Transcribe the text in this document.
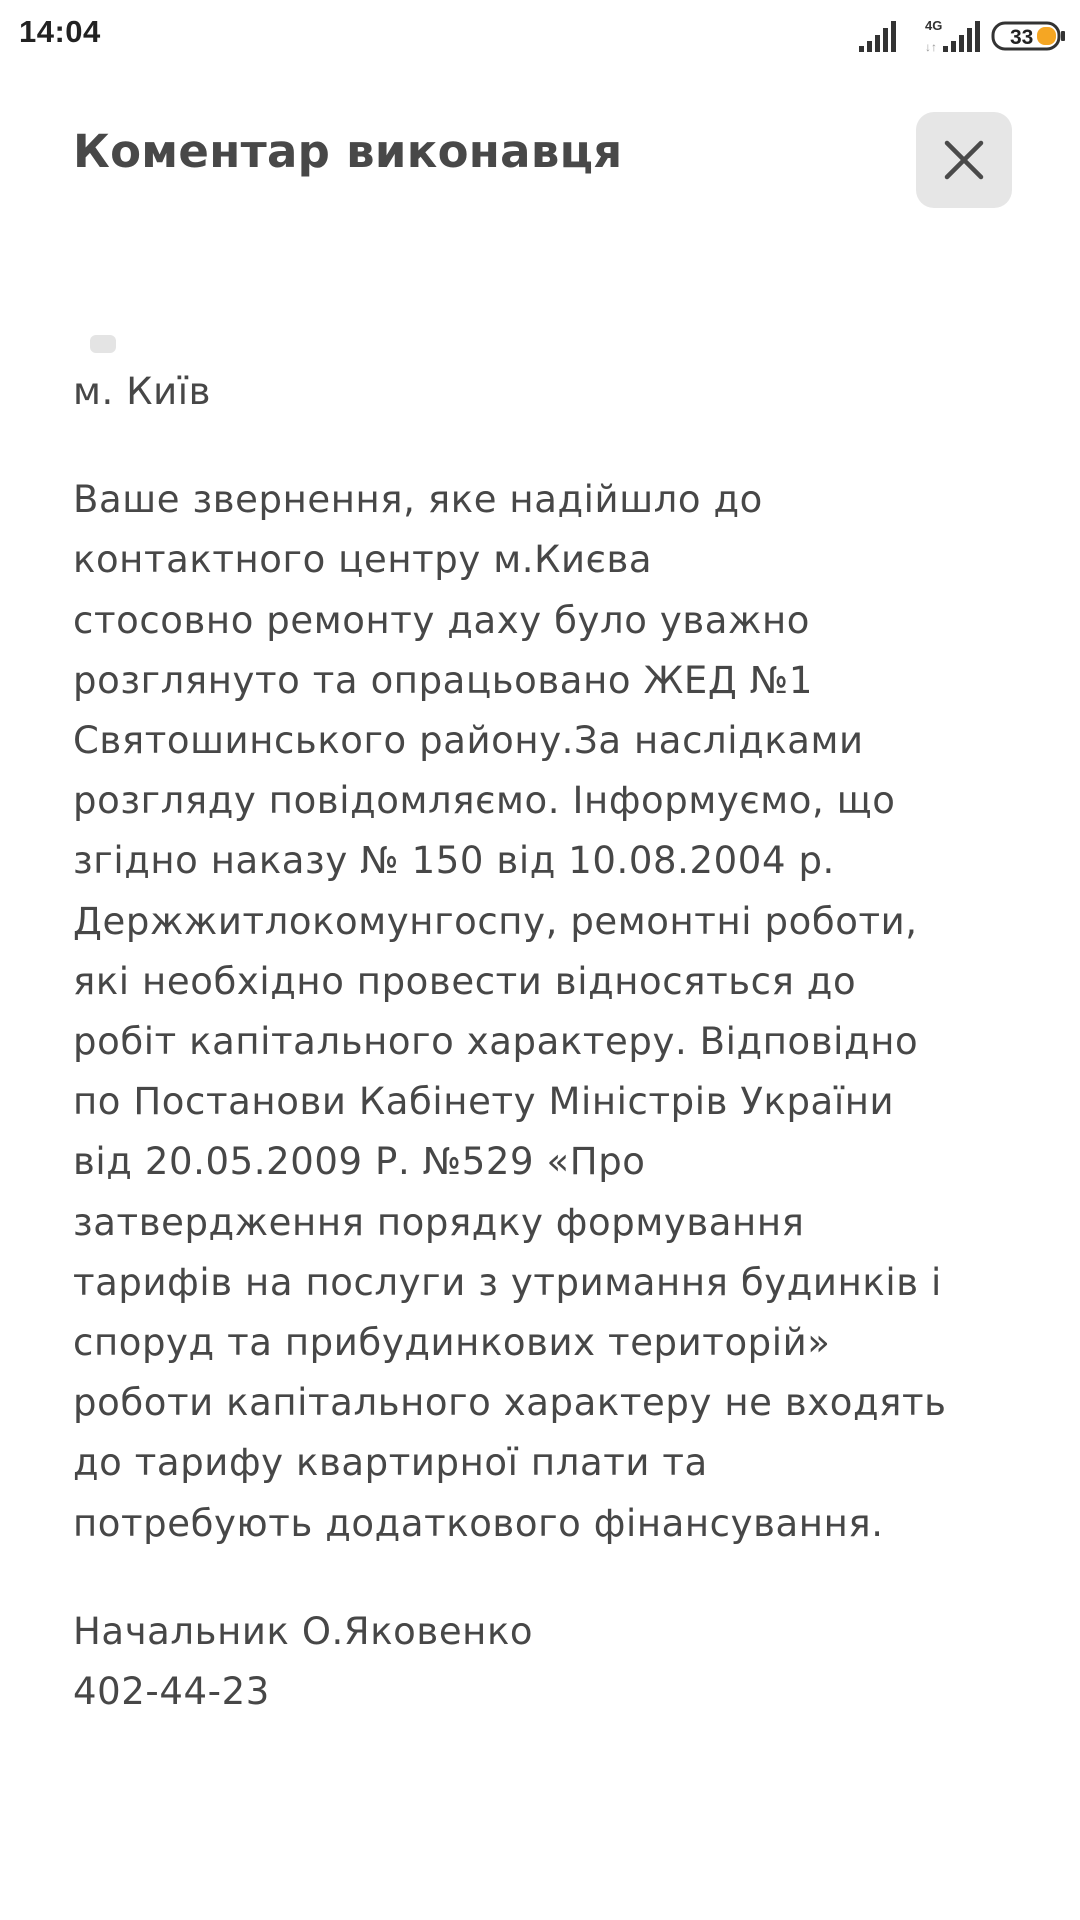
14:04	4G
↓↑	33
Коментар виконавця

м. Київ

Ваше звернення, яке надійшло до
контактного центру м.Києва
стосовно ремонту даху було уважно
розглянуто та опрацьовано ЖЕД №1
Святошинського району.За наслідками
розгляду повідомляємо. Інформуємо, що
згідно наказу № 150 від 10.08.2004 р.
Держжитлокомунгоспу, ремонтні роботи,
які необхідно провести відносяться до
робіт капітального характеру. Відповідно
по Постанови Кабінету Міністрів України
від 20.05.2009 Р. №529 «Про
затвердження порядку формування
тарифів на послуги з утримання будинків і
споруд та прибудинкових територій»
роботи капітального характеру не входять
до тарифу квартирної плати та
потребують додаткового фінансування.

Начальник О.Яковенко

402-44-23
